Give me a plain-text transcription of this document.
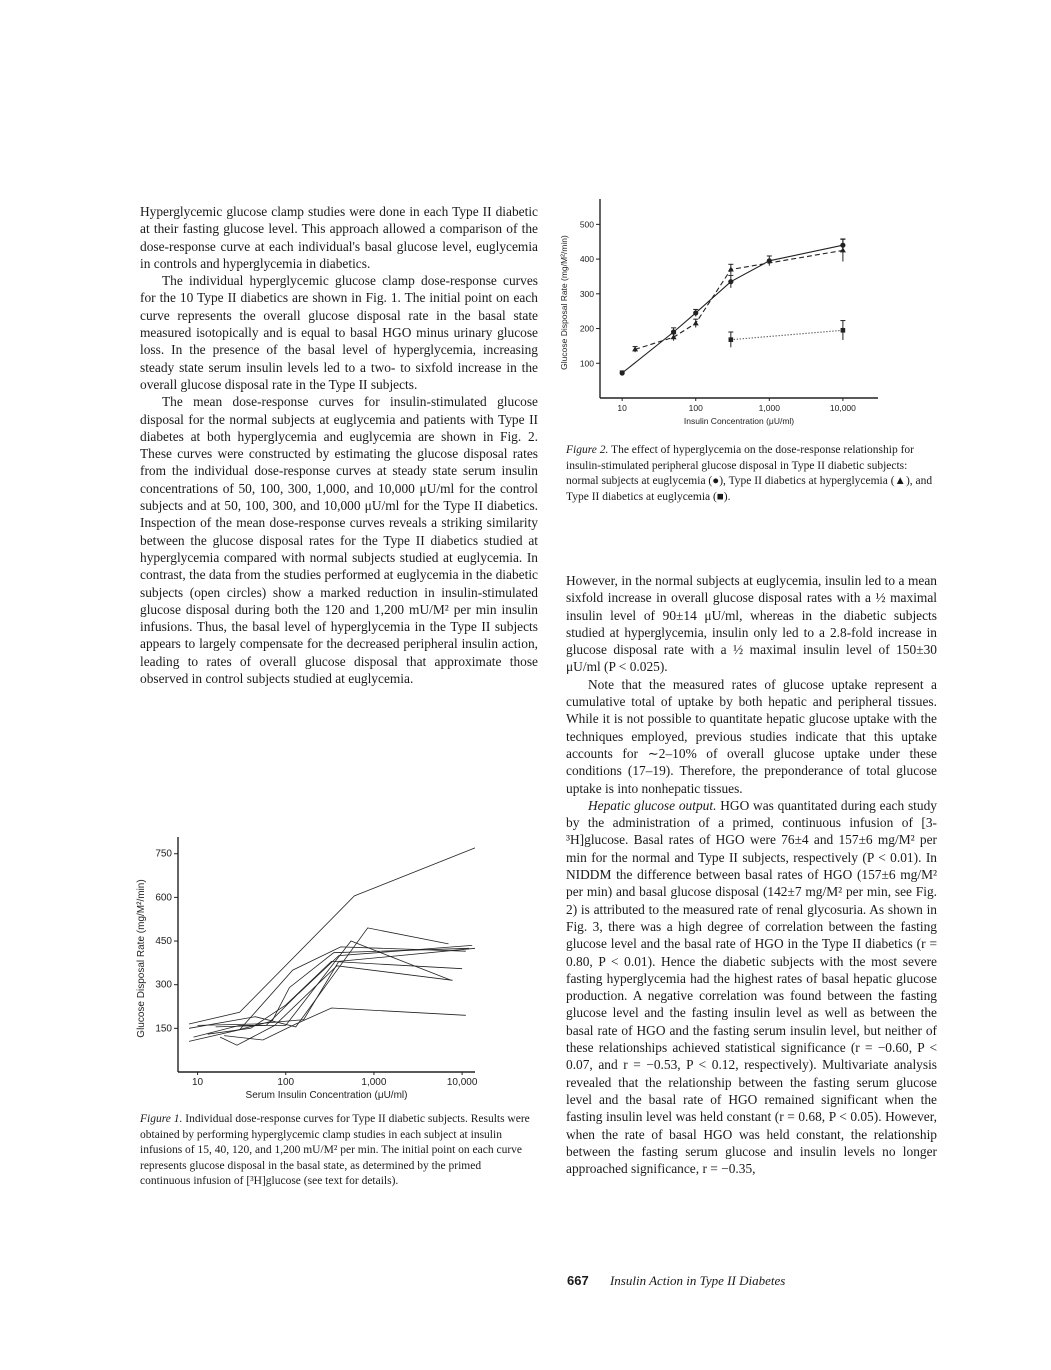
Hyperglycemic glucose clamp studies were done in each Type II diabetic at their fasting glucose level. This approach allowed a comparison of the dose-response curve at each individual's basal glucose level, euglycemia in controls and hyperglycemia in diabetics.

The individual hyperglycemic glucose clamp dose-response curves for the 10 Type II diabetics are shown in Fig. 1. The initial point on each curve represents the overall glucose disposal rate in the basal state measured isotopically and is equal to basal HGO minus urinary glucose loss. In the presence of the basal level of hyperglycemia, increasing steady state serum insulin levels led to a two- to sixfold increase in the overall glucose disposal rate in the Type II subjects.

The mean dose-response curves for insulin-stimulated glucose disposal for the normal subjects at euglycemia and patients with Type II diabetes at both hyperglycemia and euglycemia are shown in Fig. 2. These curves were constructed by estimating the glucose disposal rates from the individual dose-response curves at steady state serum insulin concentrations of 50, 100, 300, 1,000, and 10,000 μU/ml for the control subjects and at 50, 100, 300, and 10,000 μU/ml for the Type II diabetics. Inspection of the mean dose-response curves reveals a striking similarity between the glucose disposal rates for the Type II diabetics studied at hyperglycemia compared with normal subjects studied at euglycemia. In contrast, the data from the studies performed at euglycemia in the diabetic subjects (open circles) show a marked reduction in insulin-stimulated glucose disposal during both the 120 and 1,200 mU/M² per min insulin infusions. Thus, the basal level of hyperglycemia in the Type II subjects appears to largely compensate for the decreased peripheral insulin action, leading to rates of overall glucose disposal that approximate those observed in control subjects studied at euglycemia.

150
300
450
600
750
10	100	1,000	10,000
Serum Insulin Concentration (μU/ml)
Glucose Disposal Rate (mg/M²/min)
Figure 1. Individual dose-response curves for Type II diabetic subjects. Results were obtained by performing hyperglycemic clamp studies in each subject at insulin infusions of 15, 40, 120, and 1,200 mU/M² per min. The initial point on each curve represents glucose disposal in the basal state, as determined by the primed continuous infusion of [³H]glucose (see text for details).
100
200
300
400
500
10	100	1,000	10,000
Insulin Concentration (μU/ml)
Glucose Disposal Rate (mg/M²/min)
Figure 2. The effect of hyperglycemia on the dose-response relationship for insulin-stimulated peripheral glucose disposal in Type II diabetic subjects: normal subjects at euglycemia (●), Type II diabetics at hyperglycemia (▲), and Type II diabetics at euglycemia (■).

However, in the normal subjects at euglycemia, insulin led to a mean sixfold increase in overall glucose disposal rates with a ½ maximal insulin level of 90±14 μU/ml, whereas in the diabetic subjects studied at hyperglycemia, insulin only led to a 2.8-fold increase in glucose disposal rate with a ½ maximal insulin level of 150±30 μU/ml (P < 0.025).

Note that the measured rates of glucose uptake represent a cumulative total of uptake by both hepatic and peripheral tissues. While it is not possible to quantitate hepatic glucose uptake with the techniques employed, previous studies indicate that this uptake accounts for ∼2–10% of overall glucose uptake under these conditions (17–19). Therefore, the preponderance of total glucose uptake is into nonhepatic tissues.

Hepatic glucose output. HGO was quantitated during each study by the administration of a primed, continuous infusion of [3-³H]glucose. Basal rates of HGO were 76±4 and 157±6 mg/M² per min for the normal and Type II subjects, respectively (P < 0.01). In NIDDM the difference between basal rates of HGO (157±6 mg/M² per min) and basal glucose disposal (142±7 mg/M² per min, see Fig. 2) is attributed to the measured rate of renal glycosuria. As shown in Fig. 3, there was a high degree of correlation between the fasting glucose level and the basal rate of HGO in the Type II diabetics (r = 0.80, P < 0.01). Hence the diabetic subjects with the most severe fasting hyperglycemia had the highest rates of basal hepatic glucose production. A negative correlation was found between the fasting glucose level and the fasting insulin level as well as between the basal rate of HGO and the fasting serum insulin level, but neither of these relationships achieved statistical significance (r = −0.60, P < 0.07, and r = −0.53, P < 0.12, respectively). Multivariate analysis revealed that the relationship between the fasting serum glucose level and the basal rate of HGO remained significant when the fasting insulin level was held constant (r = 0.68, P < 0.05). However, when the rate of basal HGO was held constant, the relationship between the fasting serum glucose and insulin levels no longer approached significance, r = −0.35,

667 Insulin Action in Type II Diabetes
